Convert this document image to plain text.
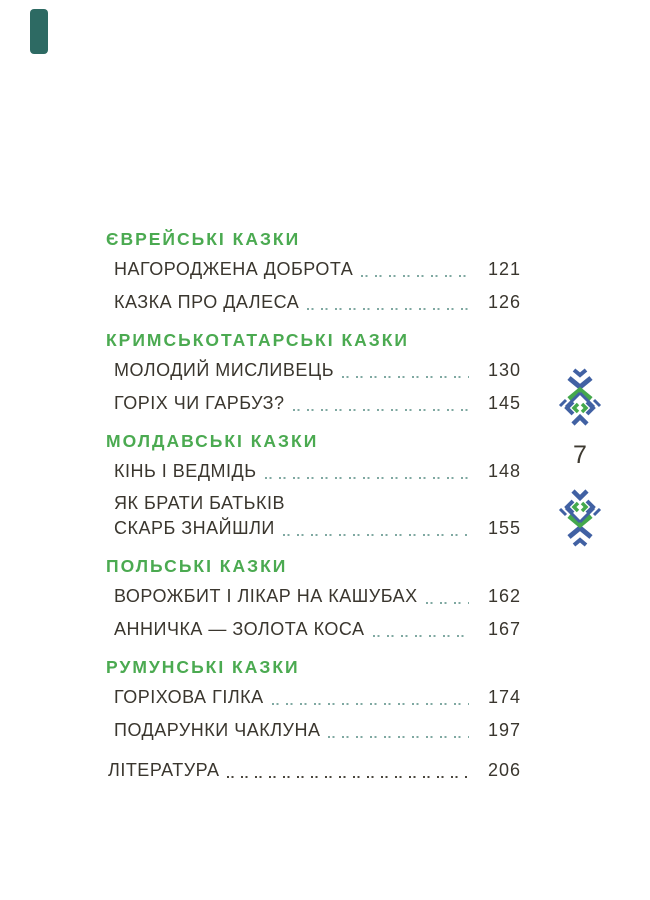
ЄВРЕЙСЬКІ КАЗКИ
НАГОРОДЖЕНА ДОБРОТА	121
КАЗКА ПРО ДАЛЕСА	126
КРИМСЬКОТАТАРСЬКІ КАЗКИ
МОЛОДИЙ МИСЛИВЕЦЬ	130
ГОРІХ ЧИ ГАРБУЗ?	145
МОЛДАВСЬКІ КАЗКИ
КІНЬ І ВЕДМІДЬ	148
ЯК БРАТИ БАТЬКІВ
СКАРБ ЗНАЙШЛИ	155
ПОЛЬСЬКІ КАЗКИ
ВОРОЖБИТ І ЛІКАР НА КАШУБАХ	162
АННИЧКА — ЗОЛОТА КОСА	167
РУМУНСЬКІ КАЗКИ
ГОРІХОВА ГІЛКА	174
ПОДАРУНКИ ЧАКЛУНА	197
ЛІТЕРАТУРА	206
7
